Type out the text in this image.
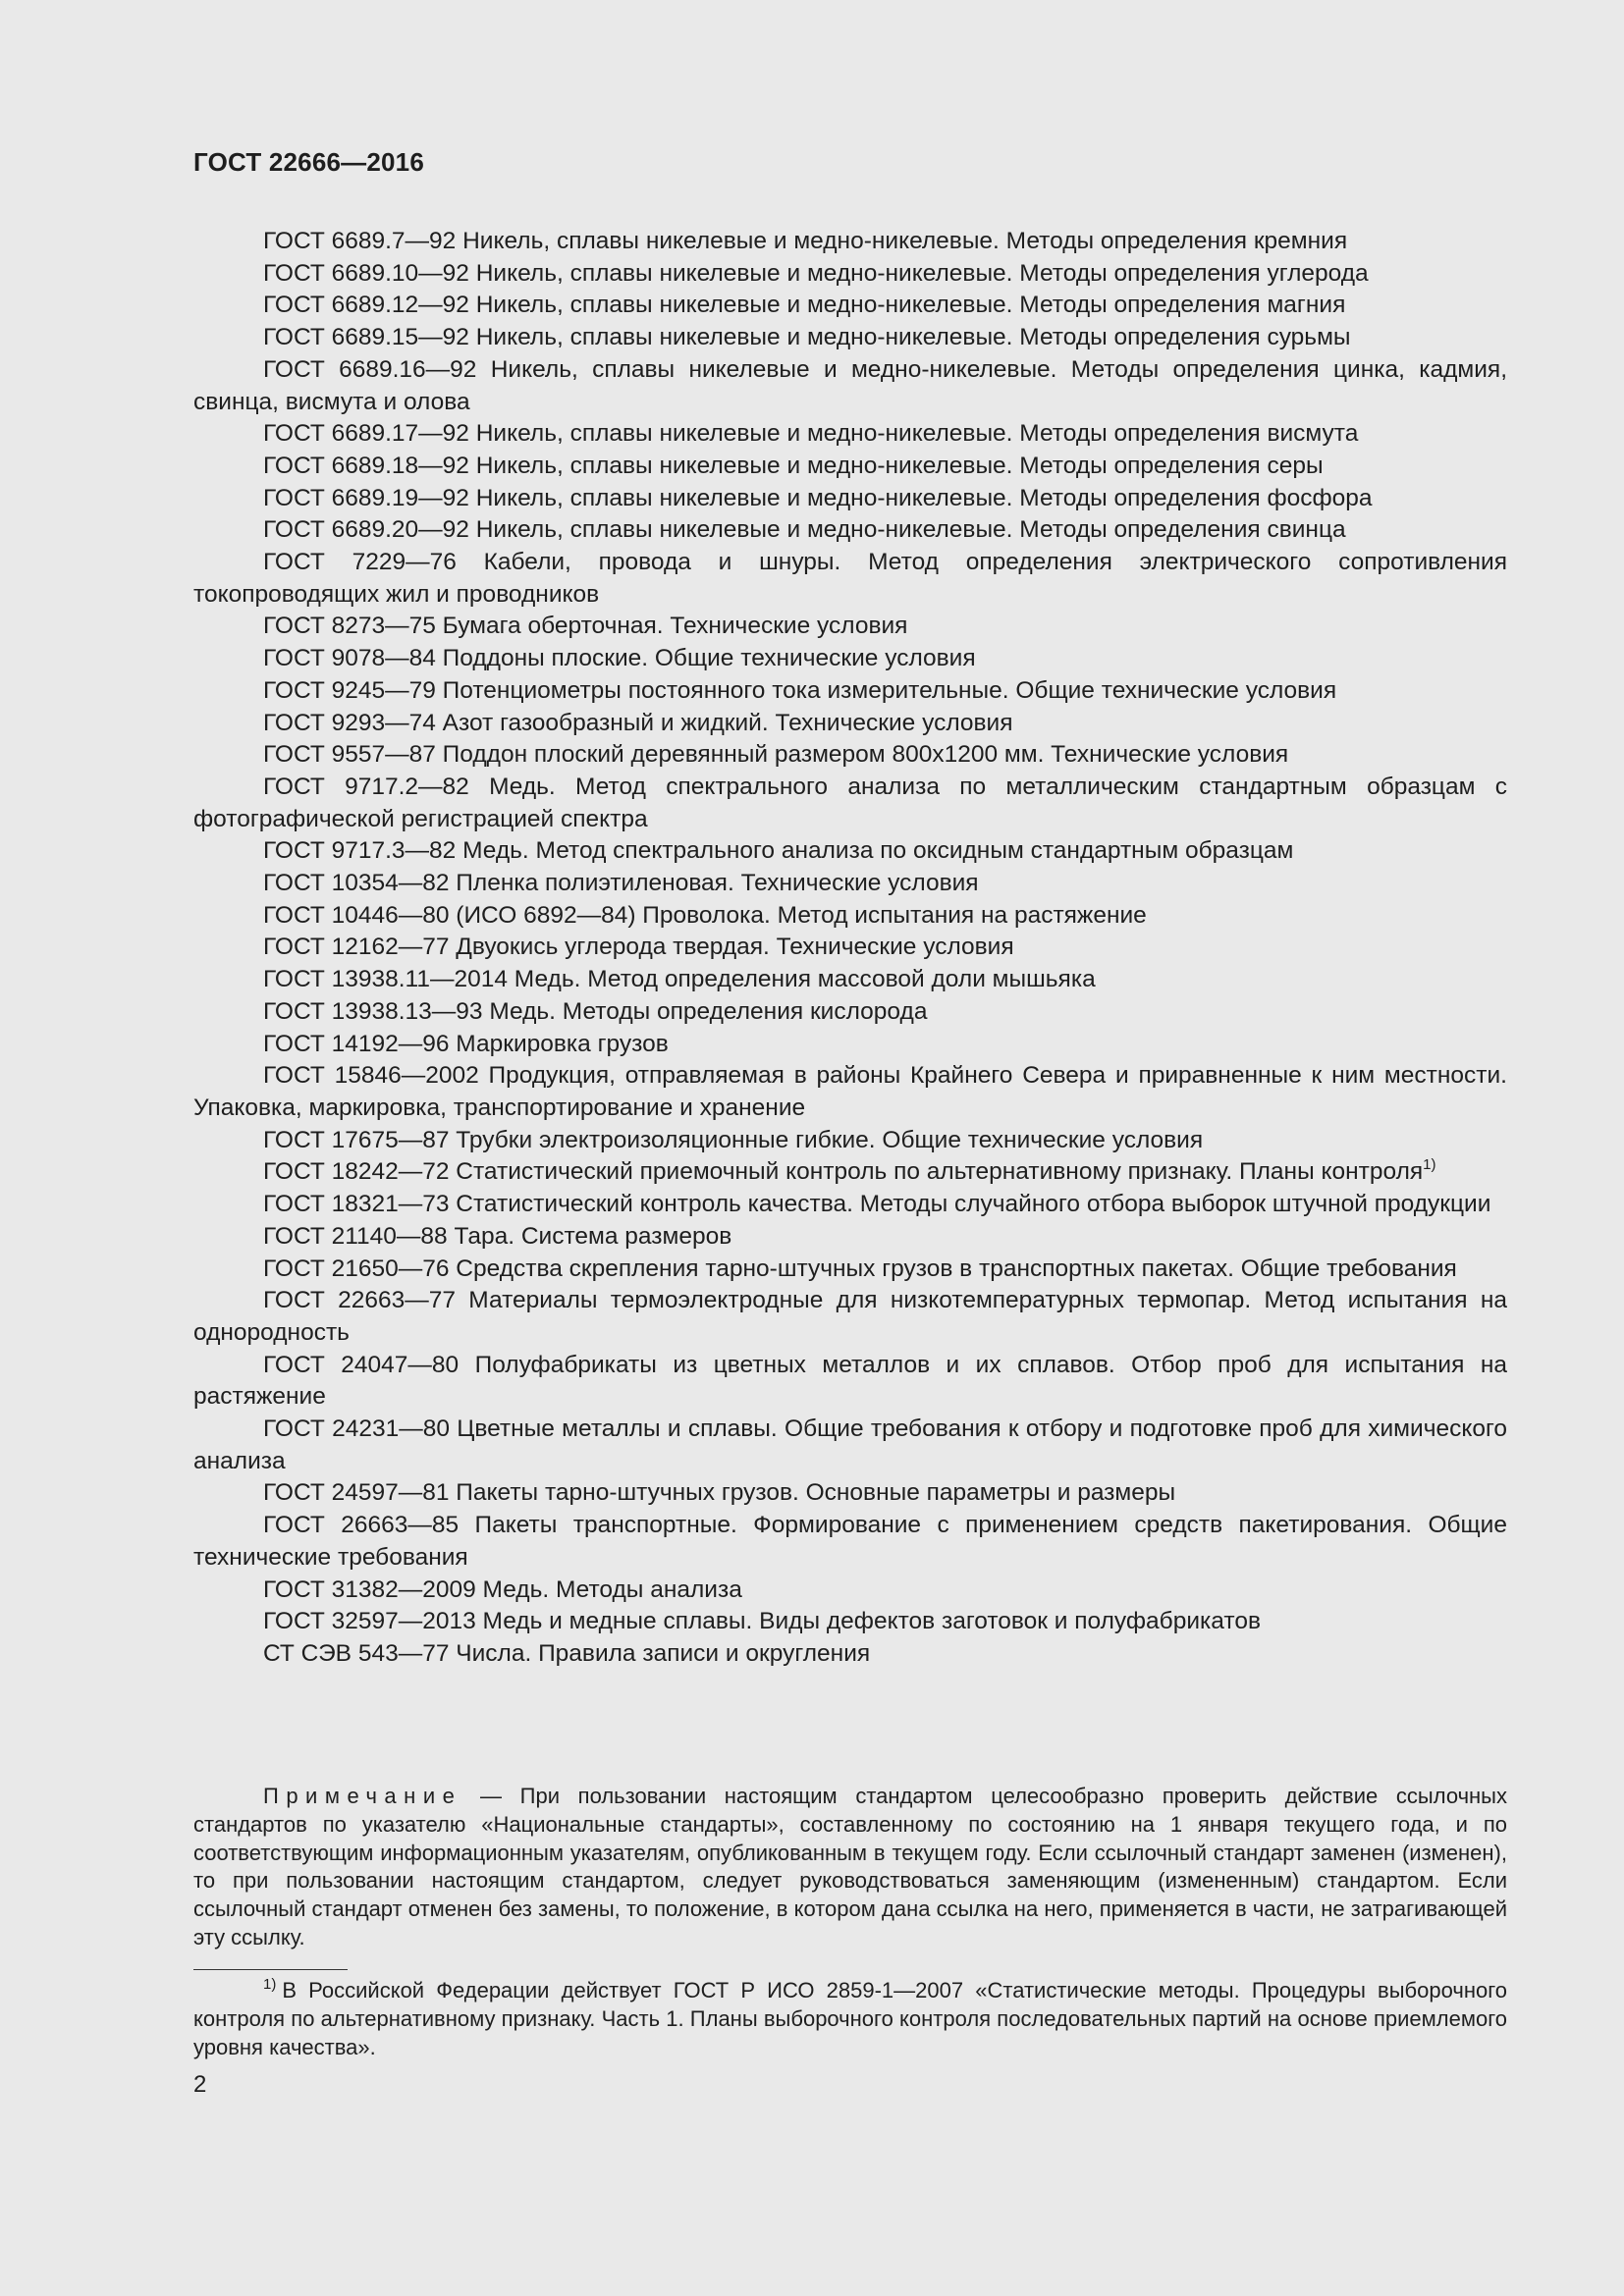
ГОСТ 22666—2016
ГОСТ 6689.7—92 Никель, сплавы никелевые и медно-никелевые. Методы определения кремния
ГОСТ 6689.10—92 Никель, сплавы никелевые и медно-никелевые. Методы определения углерода
ГОСТ 6689.12—92 Никель, сплавы никелевые и медно-никелевые. Методы определения магния
ГОСТ 6689.15—92 Никель, сплавы никелевые и медно-никелевые. Методы определения сурьмы
ГОСТ 6689.16—92 Никель, сплавы никелевые и медно-никелевые. Методы определения цинка, кадмия, свинца, висмута и олова
ГОСТ 6689.17—92 Никель, сплавы никелевые и медно-никелевые. Методы определения висмута
ГОСТ 6689.18—92 Никель, сплавы никелевые и медно-никелевые. Методы определения серы
ГОСТ 6689.19—92 Никель, сплавы никелевые и медно-никелевые. Методы определения фосфора
ГОСТ 6689.20—92 Никель, сплавы никелевые и медно-никелевые. Методы определения свинца
ГОСТ 7229—76 Кабели, провода и шнуры. Метод определения электрического сопротивления токопроводящих жил и проводников
ГОСТ 8273—75 Бумага оберточная. Технические условия
ГОСТ 9078—84 Поддоны плоские. Общие технические условия
ГОСТ 9245—79 Потенциометры постоянного тока измерительные. Общие технические условия
ГОСТ 9293—74 Азот газообразный и жидкий. Технические условия
ГОСТ 9557—87 Поддон плоский деревянный размером 800х1200 мм. Технические условия
ГОСТ 9717.2—82 Медь. Метод спектрального анализа по металлическим стандартным образцам с фотографической регистрацией спектра
ГОСТ 9717.3—82 Медь. Метод спектрального анализа по оксидным стандартным образцам
ГОСТ 10354—82 Пленка полиэтиленовая. Технические условия
ГОСТ 10446—80 (ИСО 6892—84) Проволока. Метод испытания на растяжение
ГОСТ 12162—77 Двуокись углерода твердая. Технические условия
ГОСТ 13938.11—2014 Медь. Метод определения массовой доли мышьяка
ГОСТ 13938.13—93 Медь. Методы определения кислорода
ГОСТ 14192—96 Маркировка грузов
ГОСТ 15846—2002 Продукция, отправляемая в районы Крайнего Севера и приравненные к ним местности. Упаковка, маркировка, транспортирование и хранение
ГОСТ 17675—87 Трубки электроизоляционные гибкие. Общие технические условия
ГОСТ 18242—72 Статистический приемочный контроль по альтернативному признаку. Планы контроля$^{1)}$
ГОСТ 18321—73 Статистический контроль качества. Методы случайного отбора выборок штучной продукции
ГОСТ 21140—88 Тара. Система размеров
ГОСТ 21650—76 Средства скрепления тарно-штучных грузов в транспортных пакетах. Общие требования
ГОСТ 22663—77 Материалы термоэлектродные для низкотемпературных термопар. Метод испытания на однородность
ГОСТ 24047—80 Полуфабрикаты из цветных металлов и их сплавов. Отбор проб для испытания на растяжение
ГОСТ 24231—80 Цветные металлы и сплавы. Общие требования к отбору и подготовке проб для химического анализа
ГОСТ 24597—81 Пакеты тарно-штучных грузов. Основные параметры и размеры
ГОСТ 26663—85 Пакеты транспортные. Формирование с применением средств пакетирования. Общие технические требования
ГОСТ 31382—2009 Медь. Методы анализа
ГОСТ 32597—2013 Медь и медные сплавы. Виды дефектов заготовок и полуфабрикатов
СТ СЭВ 543—77 Числа. Правила записи и округления
Примечание — При пользовании настоящим стандартом целесообразно проверить действие ссылочных стандартов по указателю «Национальные стандарты», составленному по состоянию на 1 января текущего года, и по соответствующим информационным указателям, опубликованным в текущем году. Если ссылочный стандарт заменен (изменен), то при пользовании настоящим стандартом, следует руководствоваться заменяющим (измененным) стандартом. Если ссылочный стандарт отменен без замены, то положение, в котором дана ссылка на него, применяется в части, не затрагивающей эту ссылку.
$^{1)}$ В Российской Федерации действует ГОСТ Р ИСО 2859-1—2007 «Статистические методы. Процедуры выборочного контроля по альтернативному признаку. Часть 1. Планы выборочного контроля последовательных партий на основе приемлемого уровня качества».
2
